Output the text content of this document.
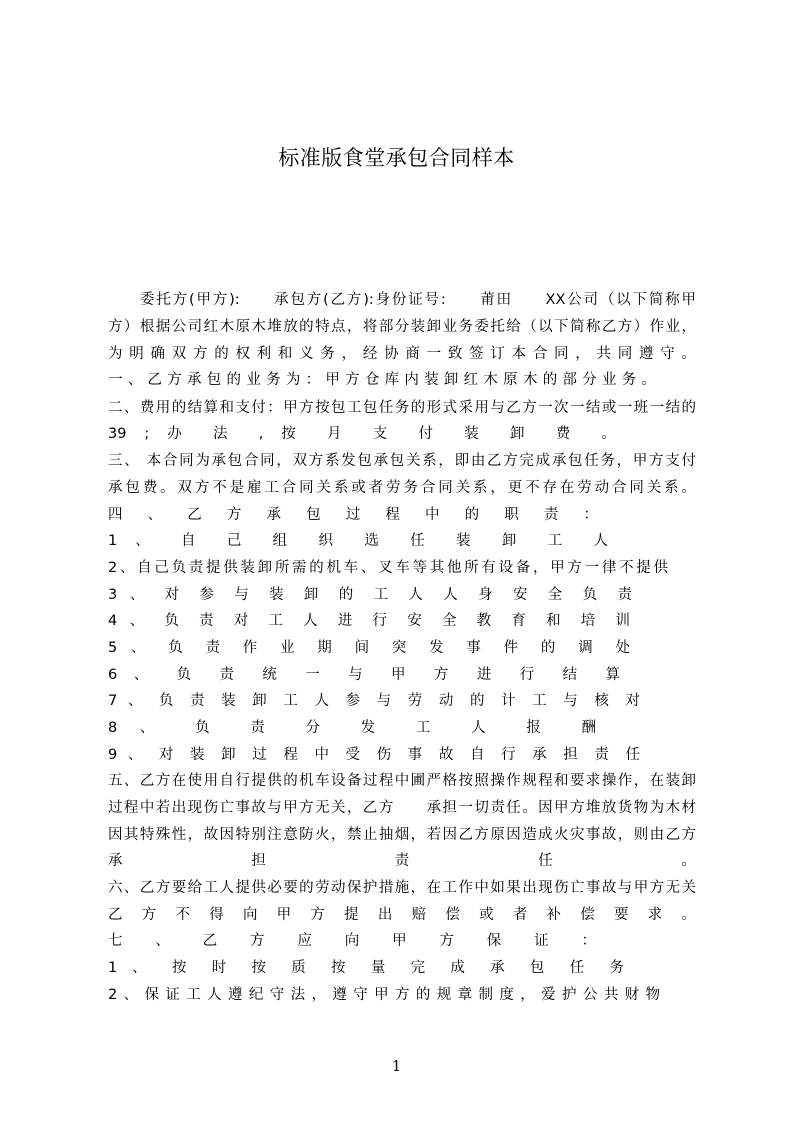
标准版食堂承包合同样本
委托方(甲方):　　承包方(乙方):身份证号:　　莆田　　XX公司（以下简称甲
方）根据公司红木原木堆放的特点，将部分装卸业务委托给（以下简称乙方）作业，
为明确双方的权利和义务，经协商一致签订本合同，共同遵守。
一、乙方承包的业务为：甲方仓库内装卸红木原木的部分业务。
二、费用的结算和支付：甲方按包工包任务的形式采用与乙方一次一结或一班一结的
39 ; 办 法 , 按 月 支 付 装 卸 费 。
三、 本合同为承包合同，双方系发包承包关系，即由乙方完成承包任务，甲方支付
承包费。双方不是雇工合同关系或者劳务合同关系，更不存在劳动合同关系。
四 、 乙 方 承 包 过 程 中 的 职 责 ：
1 、 自 己 组 织 选 任 装 卸 工 人
2、自己负责提供装卸所需的机车、叉车等其他所有设备，甲方一律不提供
3 、 对 参 与 装 卸 的 工 人 人 身 安 全 负 责
4 、 负 责 对 工 人 进 行 安 全 教 育 和 培 训
5 、 负 责 作 业 期 间 突 发 事 件 的 调 处
6 、 负 责 统 一 与 甲 方 进 行 结 算
7 、 负 责 装 卸 工 人 参 与 劳 动 的 计 工 与 核 对
8 、 负 责 分 发 工 人 报 酬
9 、 对 装 卸 过 程 中 受 伤 事 故 自 行 承 担 责 任
五、乙方在使用自行提供的机车设备过程中圃严格按照操作规程和要求操作，在装卸
过程中若出现伤亡事故与甲方无关，乙方　　承担一切责任。因甲方堆放货物为木材
因其特殊性，故因特别注意防火，禁止抽烟，若因乙方原因造成火灾事故，则由乙方
承 担 责 任 。
六、乙方要给工人提供必要的劳动保护措施，在工作中如果出现伤亡事故与甲方无关
乙 方 不 得 向 甲 方 提 出 赔 偿 或 者 补 偿 要 求 。
七 、 乙 方 应 向 甲 方 保 证 ：
1 、 按 时 按 质 按 量 完 成 承 包 任 务
2、保证工人遵纪守法，遵守甲方的规章制度，爱护公共财物
1
